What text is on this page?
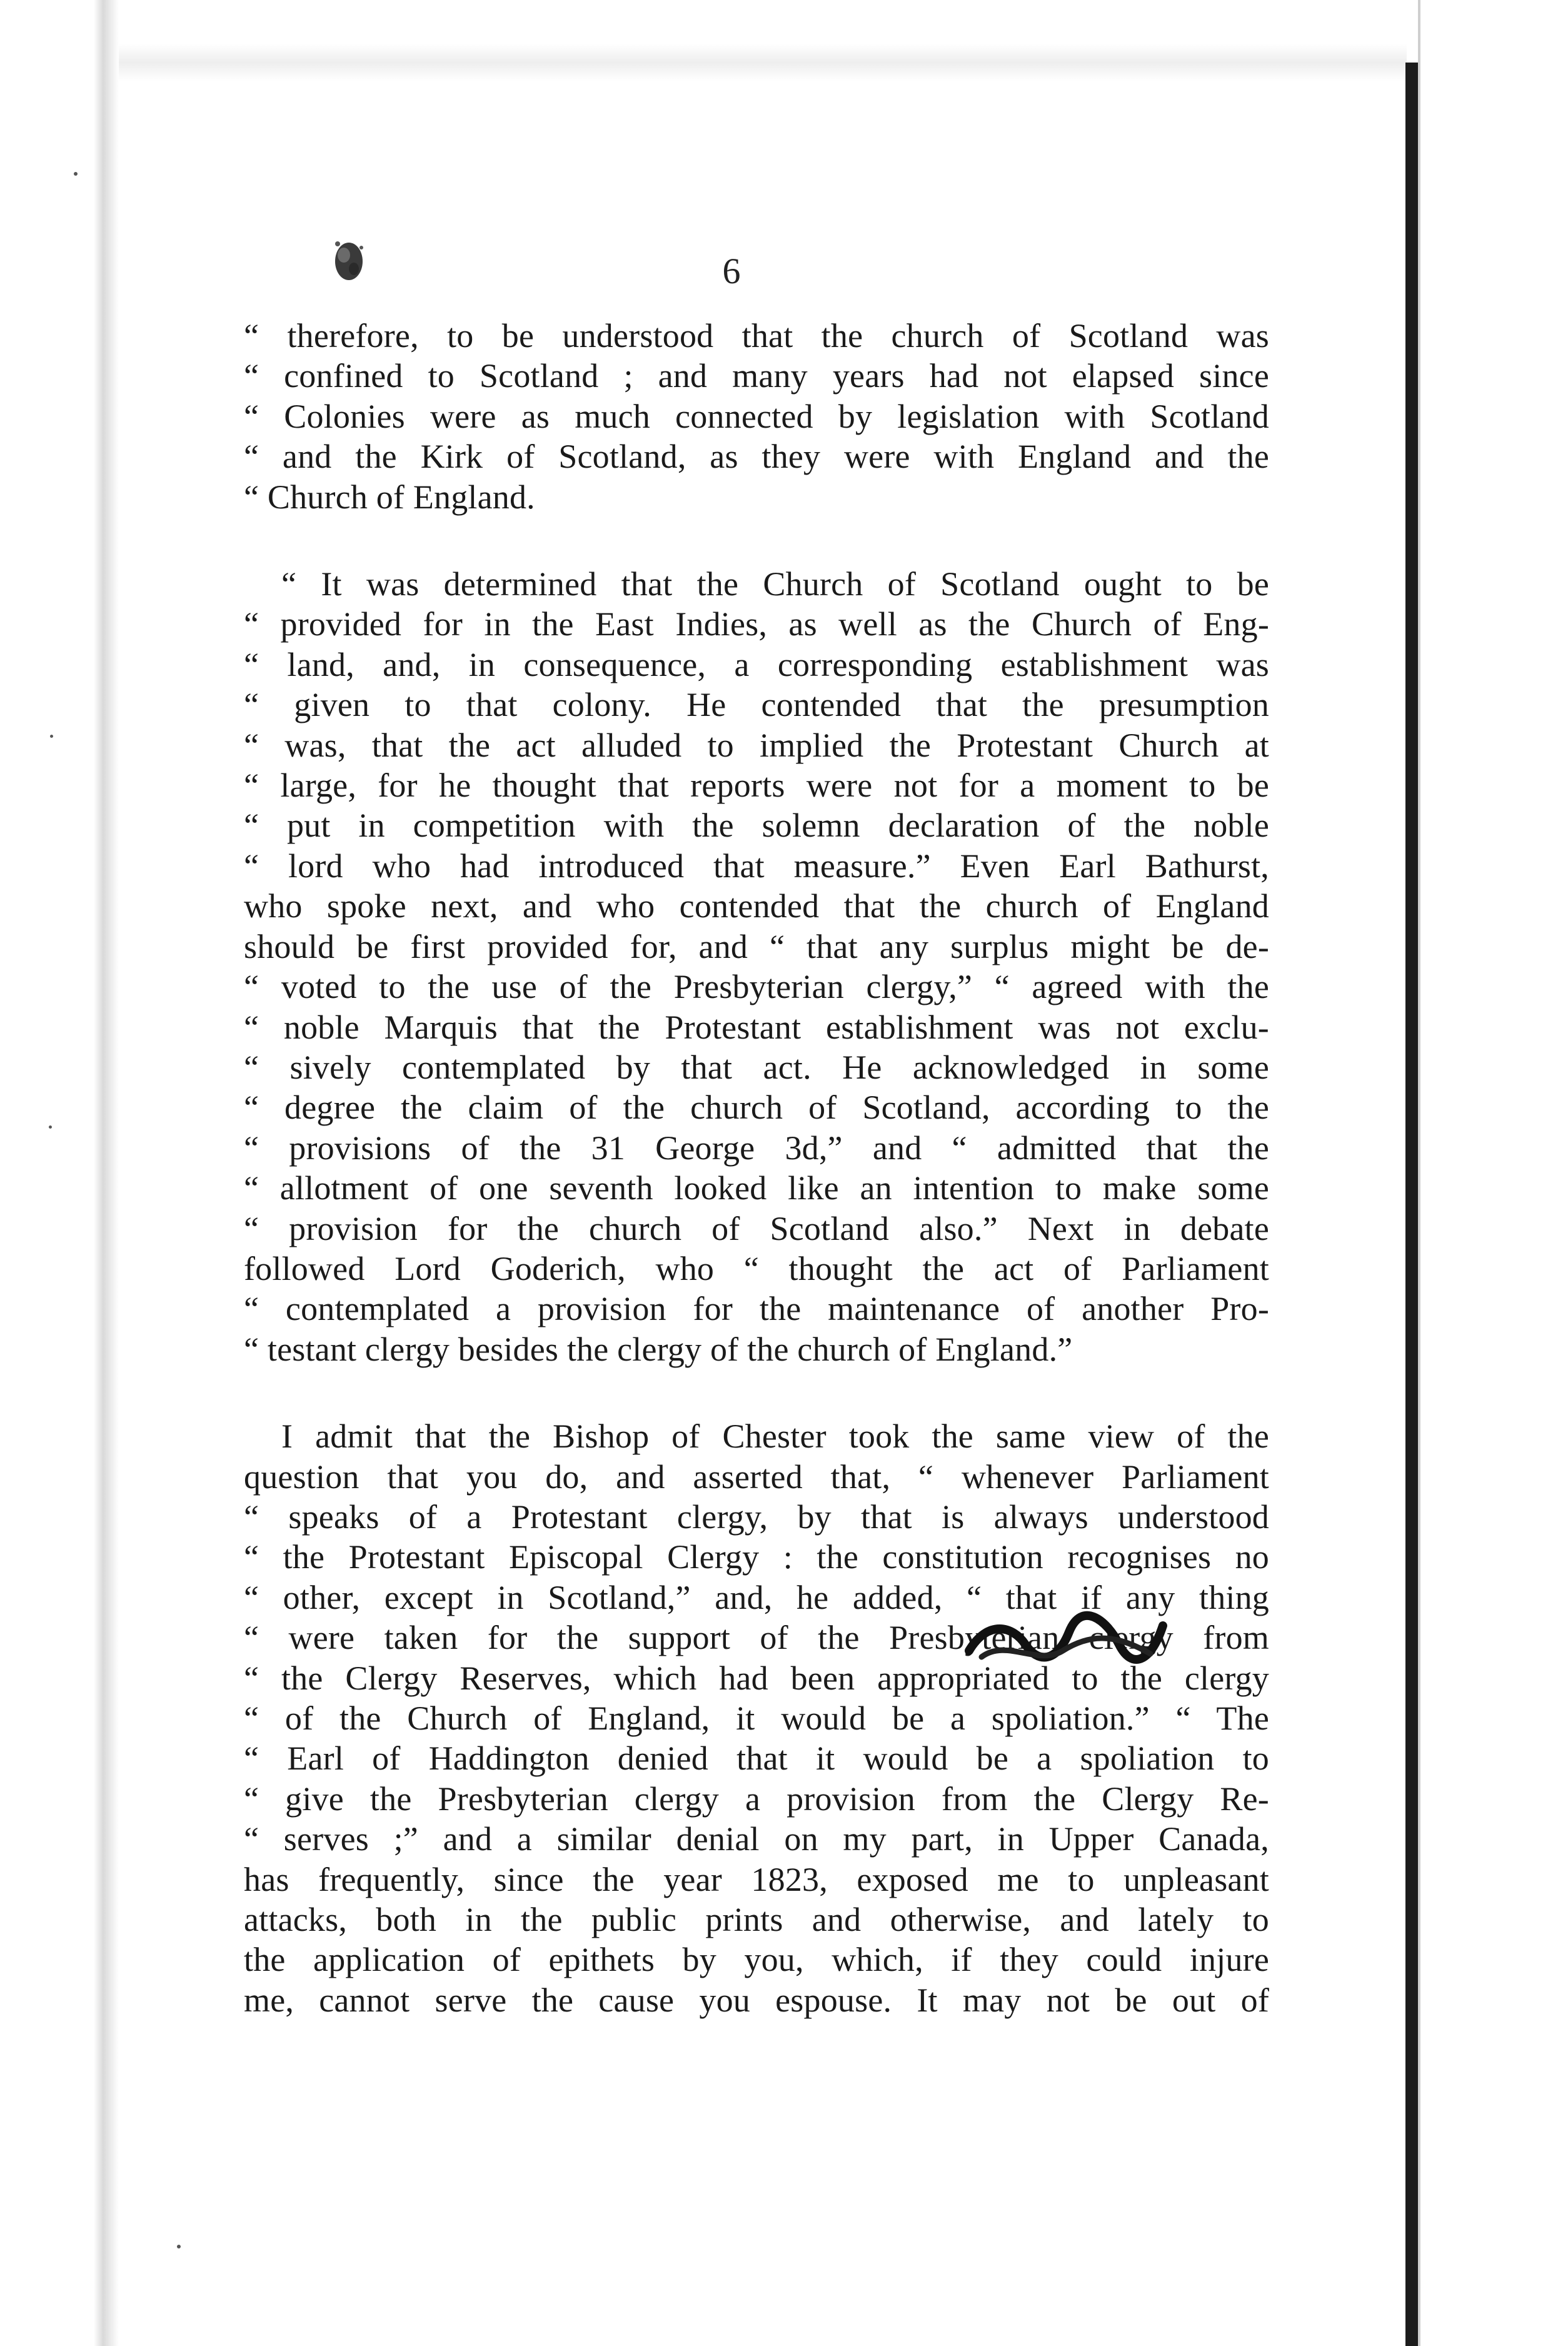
6
“ therefore, to be understood that the church of Scotland was
“ confined to Scotland ; and many years had not elapsed since
“ Colonies were as much connected by legislation with Scotland
“ and the Kirk of Scotland, as they were with England and the
“ Church of England.
“ It was determined that the Church of Scotland ought to be
“ provided for in the East Indies, as well as the Church of Eng-
“ land, and, in consequence, a corresponding establishment was
“ given to that colony. He contended that the presumption
“ was, that the act alluded to implied the Protestant Church at
“ large, for he thought that reports were not for a moment to be
“ put in competition with the solemn declaration of the noble
“ lord who had introduced that measure.” Even Earl Bathurst,
who spoke next, and who contended that the church of England
should be first provided for, and “ that any surplus might be de-
“ voted to the use of the Presbyterian clergy,” “ agreed with the
“ noble Marquis that the Protestant establishment was not exclu-
“ sively contemplated by that act. He acknowledged in some
“ degree the claim of the church of Scotland, according to the
“ provisions of the 31 George 3d,” and “ admitted that the
“ allotment of one seventh looked like an intention to make some
“ provision for the church of Scotland also.” Next in debate
followed Lord Goderich, who “ thought the act of Parliament
“ contemplated a provision for the maintenance of another Pro-
“ testant clergy besides the clergy of the church of England.”
I admit that the Bishop of Chester took the same view of the
question that you do, and asserted that, “ whenever Parliament
“ speaks of a Protestant clergy, by that is always understood
“ the Protestant Episcopal Clergy : the constitution recognises no
“ other, except in Scotland,” and, he added, “ that if any thing
“ were taken for the support of the Presbyterian clergy from
“ the Clergy Reserves, which had been appropriated to the clergy
“ of the Church of England, it would be a spoliation.” “ The
“ Earl of Haddington denied that it would be a spoliation to
“ give the Presbyterian clergy a provision from the Clergy Re-
“ serves ;” and a similar denial on my part, in Upper Canada,
has frequently, since the year 1823, exposed me to unpleasant
attacks, both in the public prints and otherwise, and lately to
the application of epithets by you, which, if they could injure
me, cannot serve the cause you espouse. It may not be out of
